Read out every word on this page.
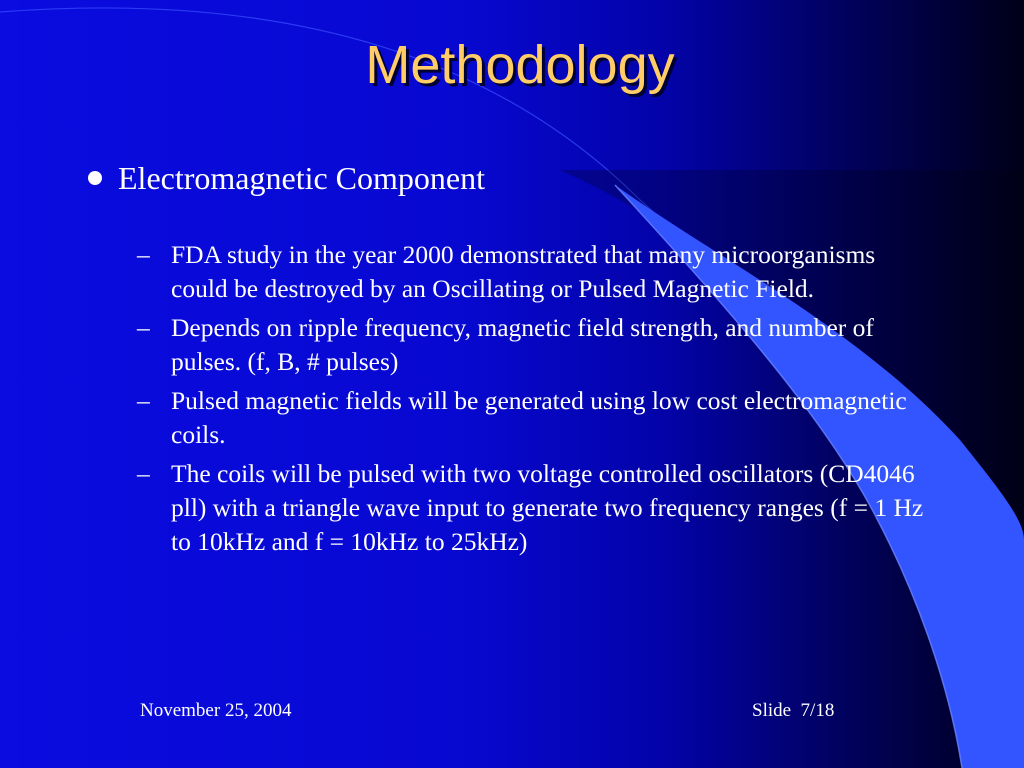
Methodology
Electromagnetic Component
– FDA study in the year 2000 demonstrated that many microorganisms could be destroyed by an Oscillating or Pulsed Magnetic Field.
– Depends on ripple frequency, magnetic field strength, and number of pulses. (f, B, # pulses)
– Pulsed magnetic fields will be generated using low cost electromagnetic coils.
– The coils will be pulsed with two voltage controlled oscillators (CD4046 pll) with a triangle wave input to generate two frequency ranges (f = 1 Hz to 10kHz and f = 10kHz to 25kHz)
November 25, 2004	Slide  7/18
